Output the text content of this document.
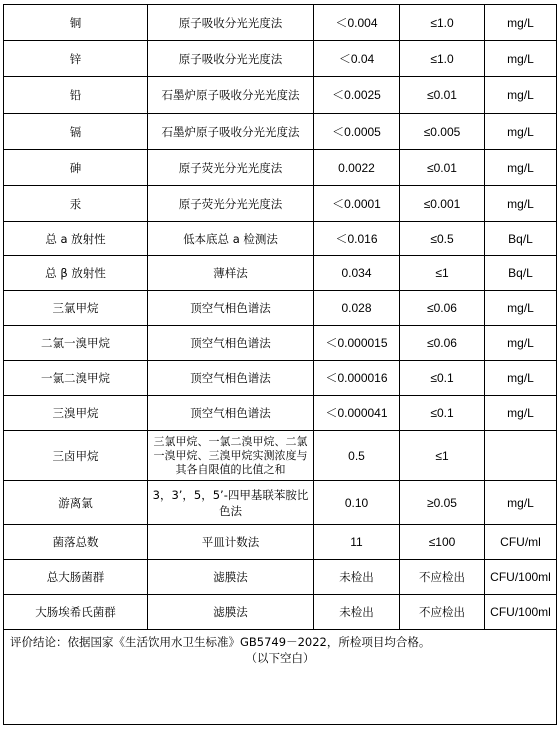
铜	原子吸收分光光度法	＜0.004	≤1.0	mg/L
锌	原子吸收分光光度法	＜0.04	≤1.0	mg/L
铅	石墨炉原子吸收分光光度法	＜0.0025	≤0.01	mg/L
镉	石墨炉原子吸收分光光度法	＜0.0005	≤0.005	mg/L
砷	原子荧光分光光度法	0.0022	≤0.01	mg/L
汞	原子荧光分光光度法	＜0.0001	≤0.001	mg/L
总 a 放射性	低本底总 a 检测法	＜0.016	≤0.5	Bq/L
总 β 放射性	薄样法	0.034	≤1	Bq/L
三氯甲烷	顶空气相色谱法	0.028	≤0.06	mg/L
二氯一溴甲烷	顶空气相色谱法	＜0.000015	≤0.06	mg/L
一氯二溴甲烷	顶空气相色谱法	＜0.000016	≤0.1	mg/L
三溴甲烷	顶空气相色谱法	＜0.000041	≤0.1	mg/L
三卤甲烷	三氯甲烷、一氯二溴甲烷、二氯一溴甲烷、三溴甲烷实测浓度与其各自限值的比值之和	0.5	≤1	
游离氯	3，3’，5，5’-四甲基联苯胺比色法	0.10	≥0.05	mg/L
菌落总数	平皿计数法	11	≤100	CFU/ml
总大肠菌群	滤膜法	未检出	不应检出	CFU/100ml
大肠埃希氏菌群	滤膜法	未检出	不应检出	CFU/100ml

评价结论：依据国家《生活饮用水卫生标准》GB5749－2022，所检项目均合格。
（以下空白）				
